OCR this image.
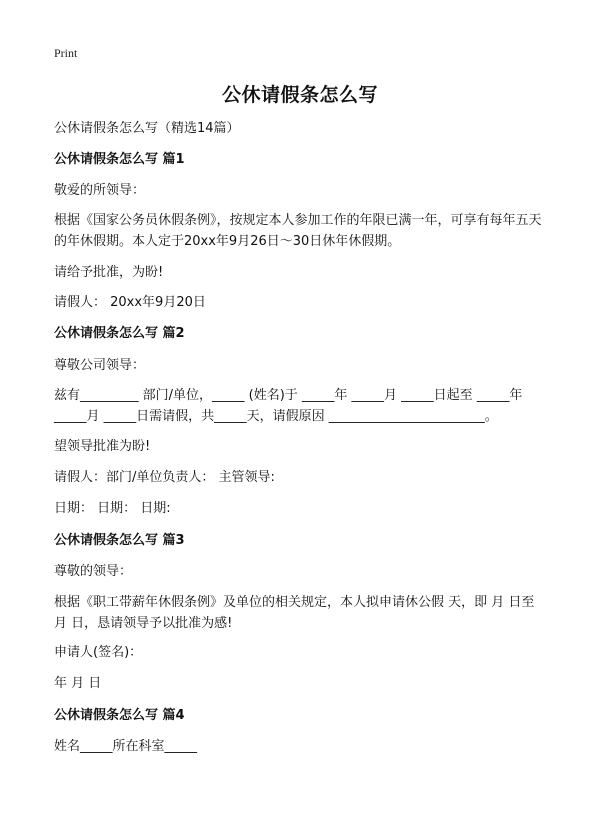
Print
公休请假条怎么写
公休请假条怎么写（精选14篇）
公休请假条怎么写 篇1
敬爱的所领导：
根据《国家公务员休假条例》，按规定本人参加工作的年限已满一年，可享有每年五天的年休假期。本人定于20xx年9月26日～30日休年休假期。
请给予批准，为盼!
请假人： 20xx年9月20日
公休请假条怎么写 篇2
尊敬公司领导：
兹有_________ 部门/单位，_____ (姓名)于 _____年 _____月 _____日起至 _____年
_____月 _____日需请假，共_____天，请假原因 ________________________。
望领导批准为盼!
请假人：部门/单位负责人： 主管领导:
日期： 日期： 日期:
公休请假条怎么写 篇3
尊敬的领导：
根据《职工带薪年休假条例》及单位的相关规定，本人拟申请休公假 天，即 月 日至 月 日，恳请领导予以批准为感!
申请人(签名)：
年 月 日
公休请假条怎么写 篇4
姓名_____所在科室_____
